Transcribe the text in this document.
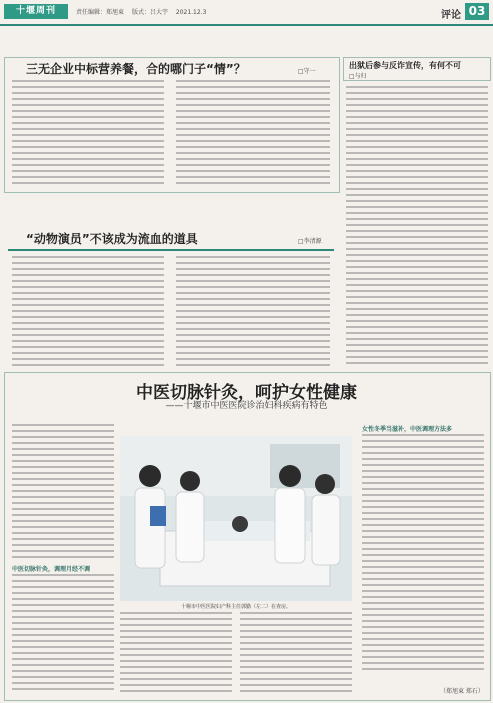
十堰周刊	责任编辑：郑旭東 版式：吕大宇 2021.12.3	评论 03
三无企业中标营养餐，合的哪门子“情”？	□守一
“动物演员”不该成为流血的道具	□李清源
出狱后参与反诈宣传，有何不可
□与归
中医切脉针灸，呵护女性健康
——十堰市中医医院诊治妇科疾病有特色
中医切脉针灸，调理月经不调
十堰市中医医院妇产科主任郭勤（左二）在查房。
女性冬季当滋补，中医调理方法多
（郑旭東 郑石）
